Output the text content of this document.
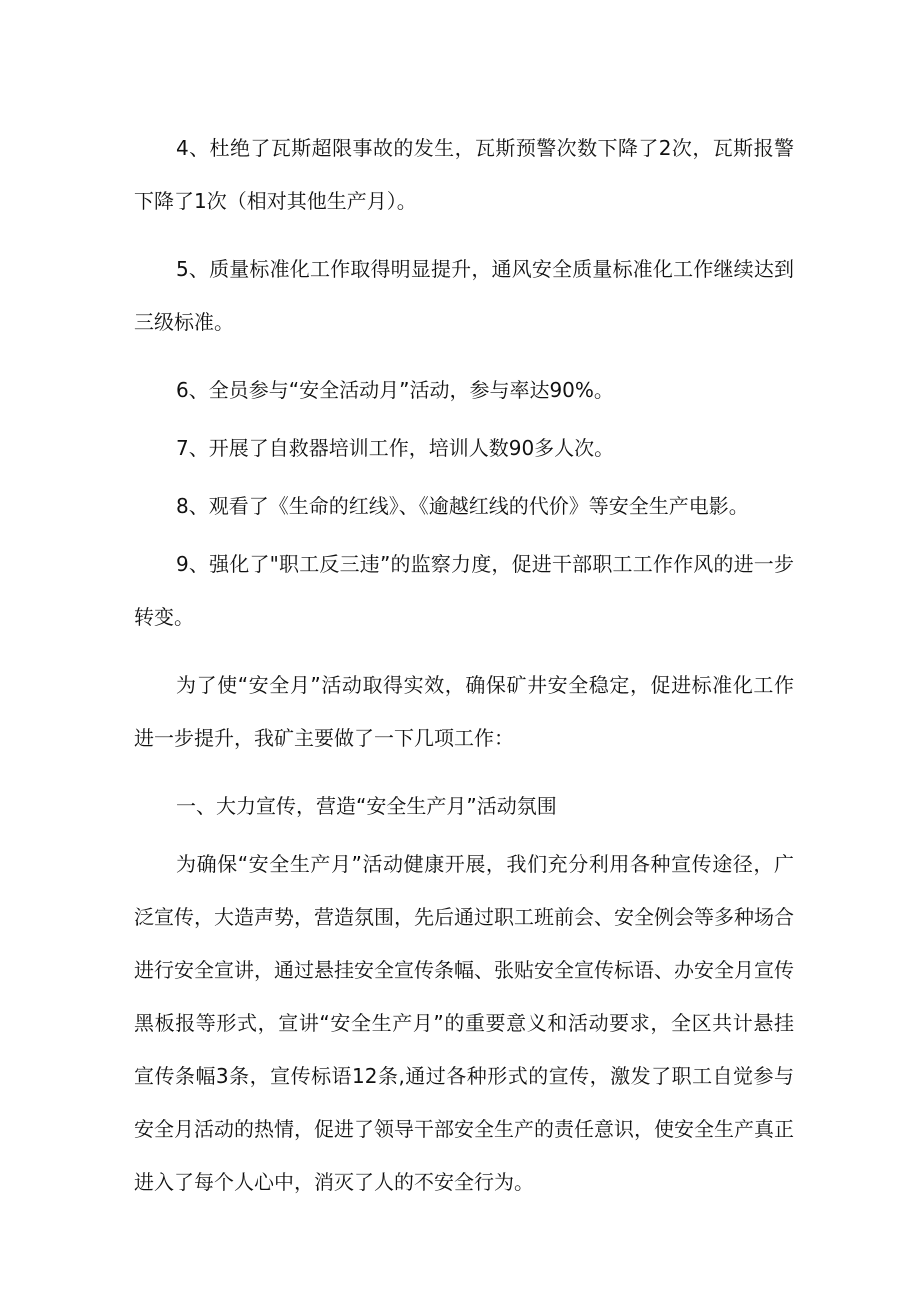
4、杜绝了瓦斯超限事故的发生，瓦斯预警次数下降了2次，瓦斯报警下降了1次（相对其他生产月）。

5、质量标准化工作取得明显提升，通风安全质量标准化工作继续达到三级标准。

6、全员参与“安全活动月”活动，参与率达90%。

7、开展了自救器培训工作，培训人数90多人次。

8、观看了《生命的红线》、《逾越红线的代价》等安全生产电影。

9、强化了"职工反三违”的监察力度，促进干部职工工作作风的进一步转变。

为了使“安全月”活动取得实效，确保矿井安全稳定，促进标准化工作进一步提升，我矿主要做了一下几项工作：

一、大力宣传，营造“安全生产月”活动氛围

为确保“安全生产月”活动健康开展，我们充分利用各种宣传途径，广泛宣传，大造声势，营造氛围，先后通过职工班前会、安全例会等多种场合进行安全宣讲，通过悬挂安全宣传条幅、张贴安全宣传标语、办安全月宣传黑板报等形式，宣讲“安全生产月”的重要意义和活动要求，全区共计悬挂宣传条幅3条，宣传标语12条,通过各种形式的宣传，激发了职工自觉参与安全月活动的热情，促进了领导干部安全生产的责任意识，使安全生产真正进入了每个人心中，消灭了人的不安全行为。
